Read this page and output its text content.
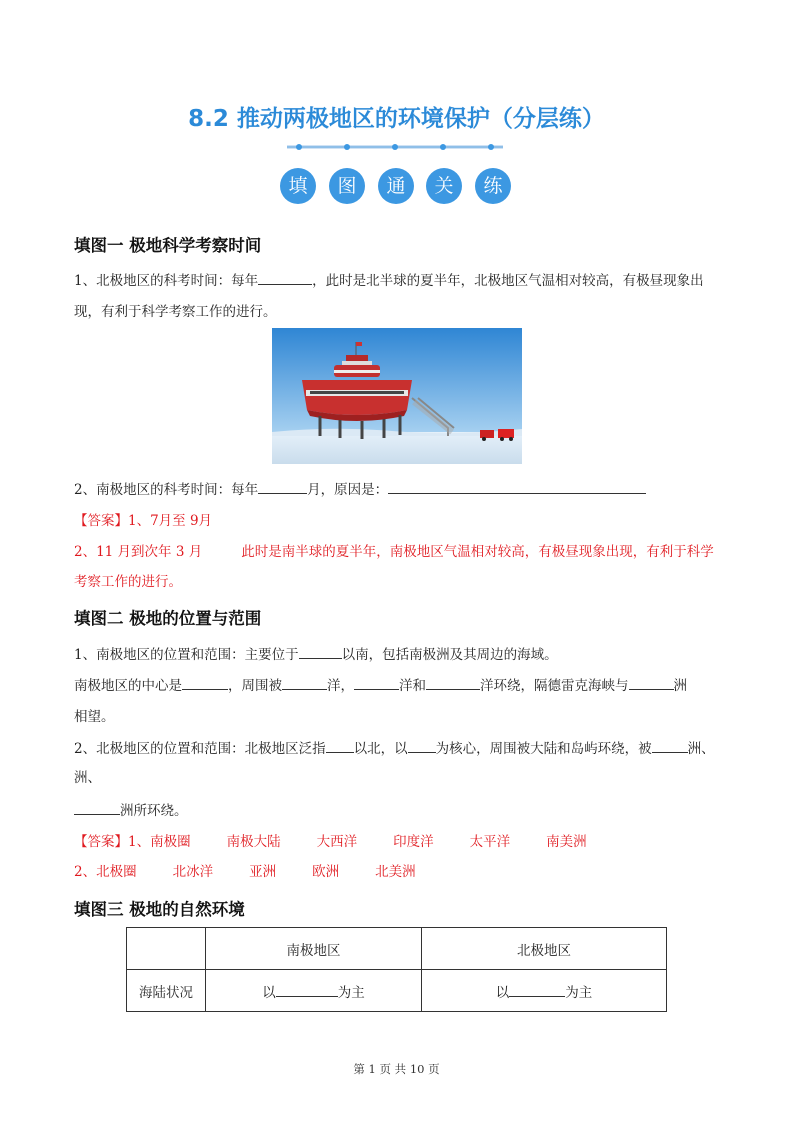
8.2 推动两极地区的环境保护（分层练）
填	图	通	关	练
填图一 极地科学考察时间
1、北极地区的科考时间：每年	，此时是北半球的夏半年，北极地区气温相对较高，有极昼现象出
现，有利于科学考察工作的进行。
2、南极地区的科考时间：每年	月，原因是：
【答案】1、7月至 9月
2、11 月到次年 3 月	此时是南半球的夏半年，南极地区气温相对较高，有极昼现象出现，有利于科学
考察工作的进行。
填图二 极地的位置与范围
1、南极地区的位置和范围：主要位于	以南，包括南极洲及其周边的海域。
南极地区的中心是	，周围被	洋，	洋和	洋环绕，隔德雷克海峡与	洲
相望。
2、北极地区的位置和范围：北极地区泛指 以北，以 为核心，周围被大陆和岛屿环绕，被	洲、
洲、
洲所环绕。
【答案】1、南极圈	南极大陆	大西洋	印度洋	太平洋	南美洲
2、北极圈	北冰洋	亚洲	欧洲	北美洲
填图三 极地的自然环境
	南极地区	北极地区
海陆状况	以 为主	以 为主
第 1 页 共 10 页
